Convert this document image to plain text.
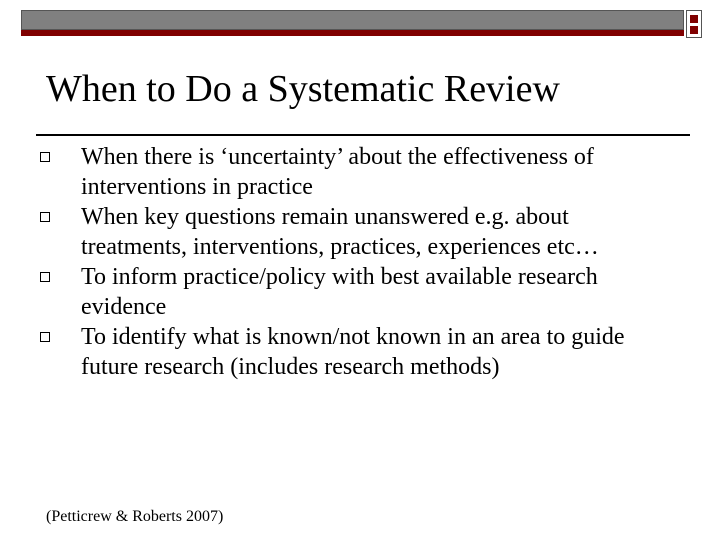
When to Do a Systematic Review
When there is ‘uncertainty’ about the effectiveness of interventions in practice
When key questions remain unanswered e.g. about treatments, interventions, practices, experiences etc…
To inform practice/policy with best available research evidence
To identify what is known/not known in an area to guide future research (includes research methods)
(Petticrew & Roberts 2007)
